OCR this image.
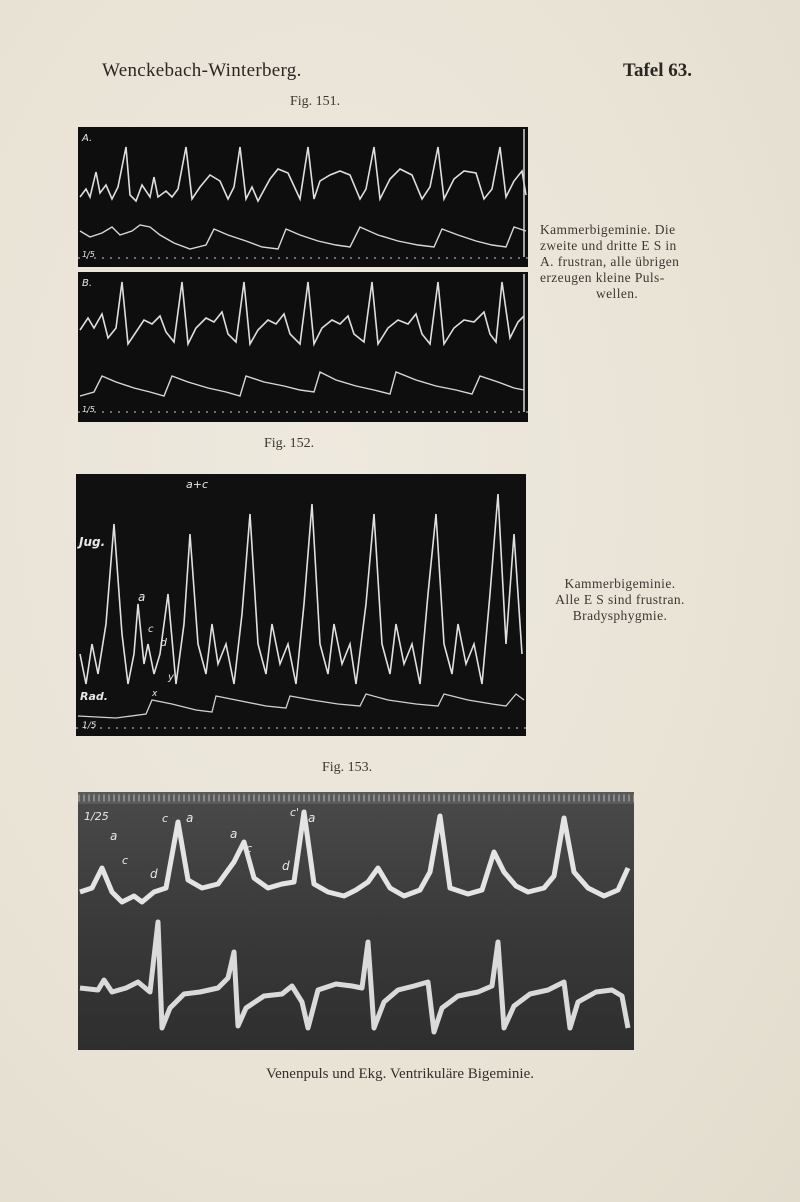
Wenckebach-Winterberg.	Tafel 63.
Fig. 151.
A.
1/5
B.
1/5
Kammerbigeminie. Die
zweite und dritte E S in
A. frustran, alle übrigen
erzeugen kleine Puls-
wellen.
Fig. 152.
a+c
Jug.
a
c
d
y
x
Rad.
1/5
Kammerbigeminie.
Alle E S sind frustran.
Bradysphygmie.
Fig. 153.
1/25
a
c
d
c a
a
c
d
c' a
Venenpuls und Ekg. Ventrikuläre Bigeminie.
